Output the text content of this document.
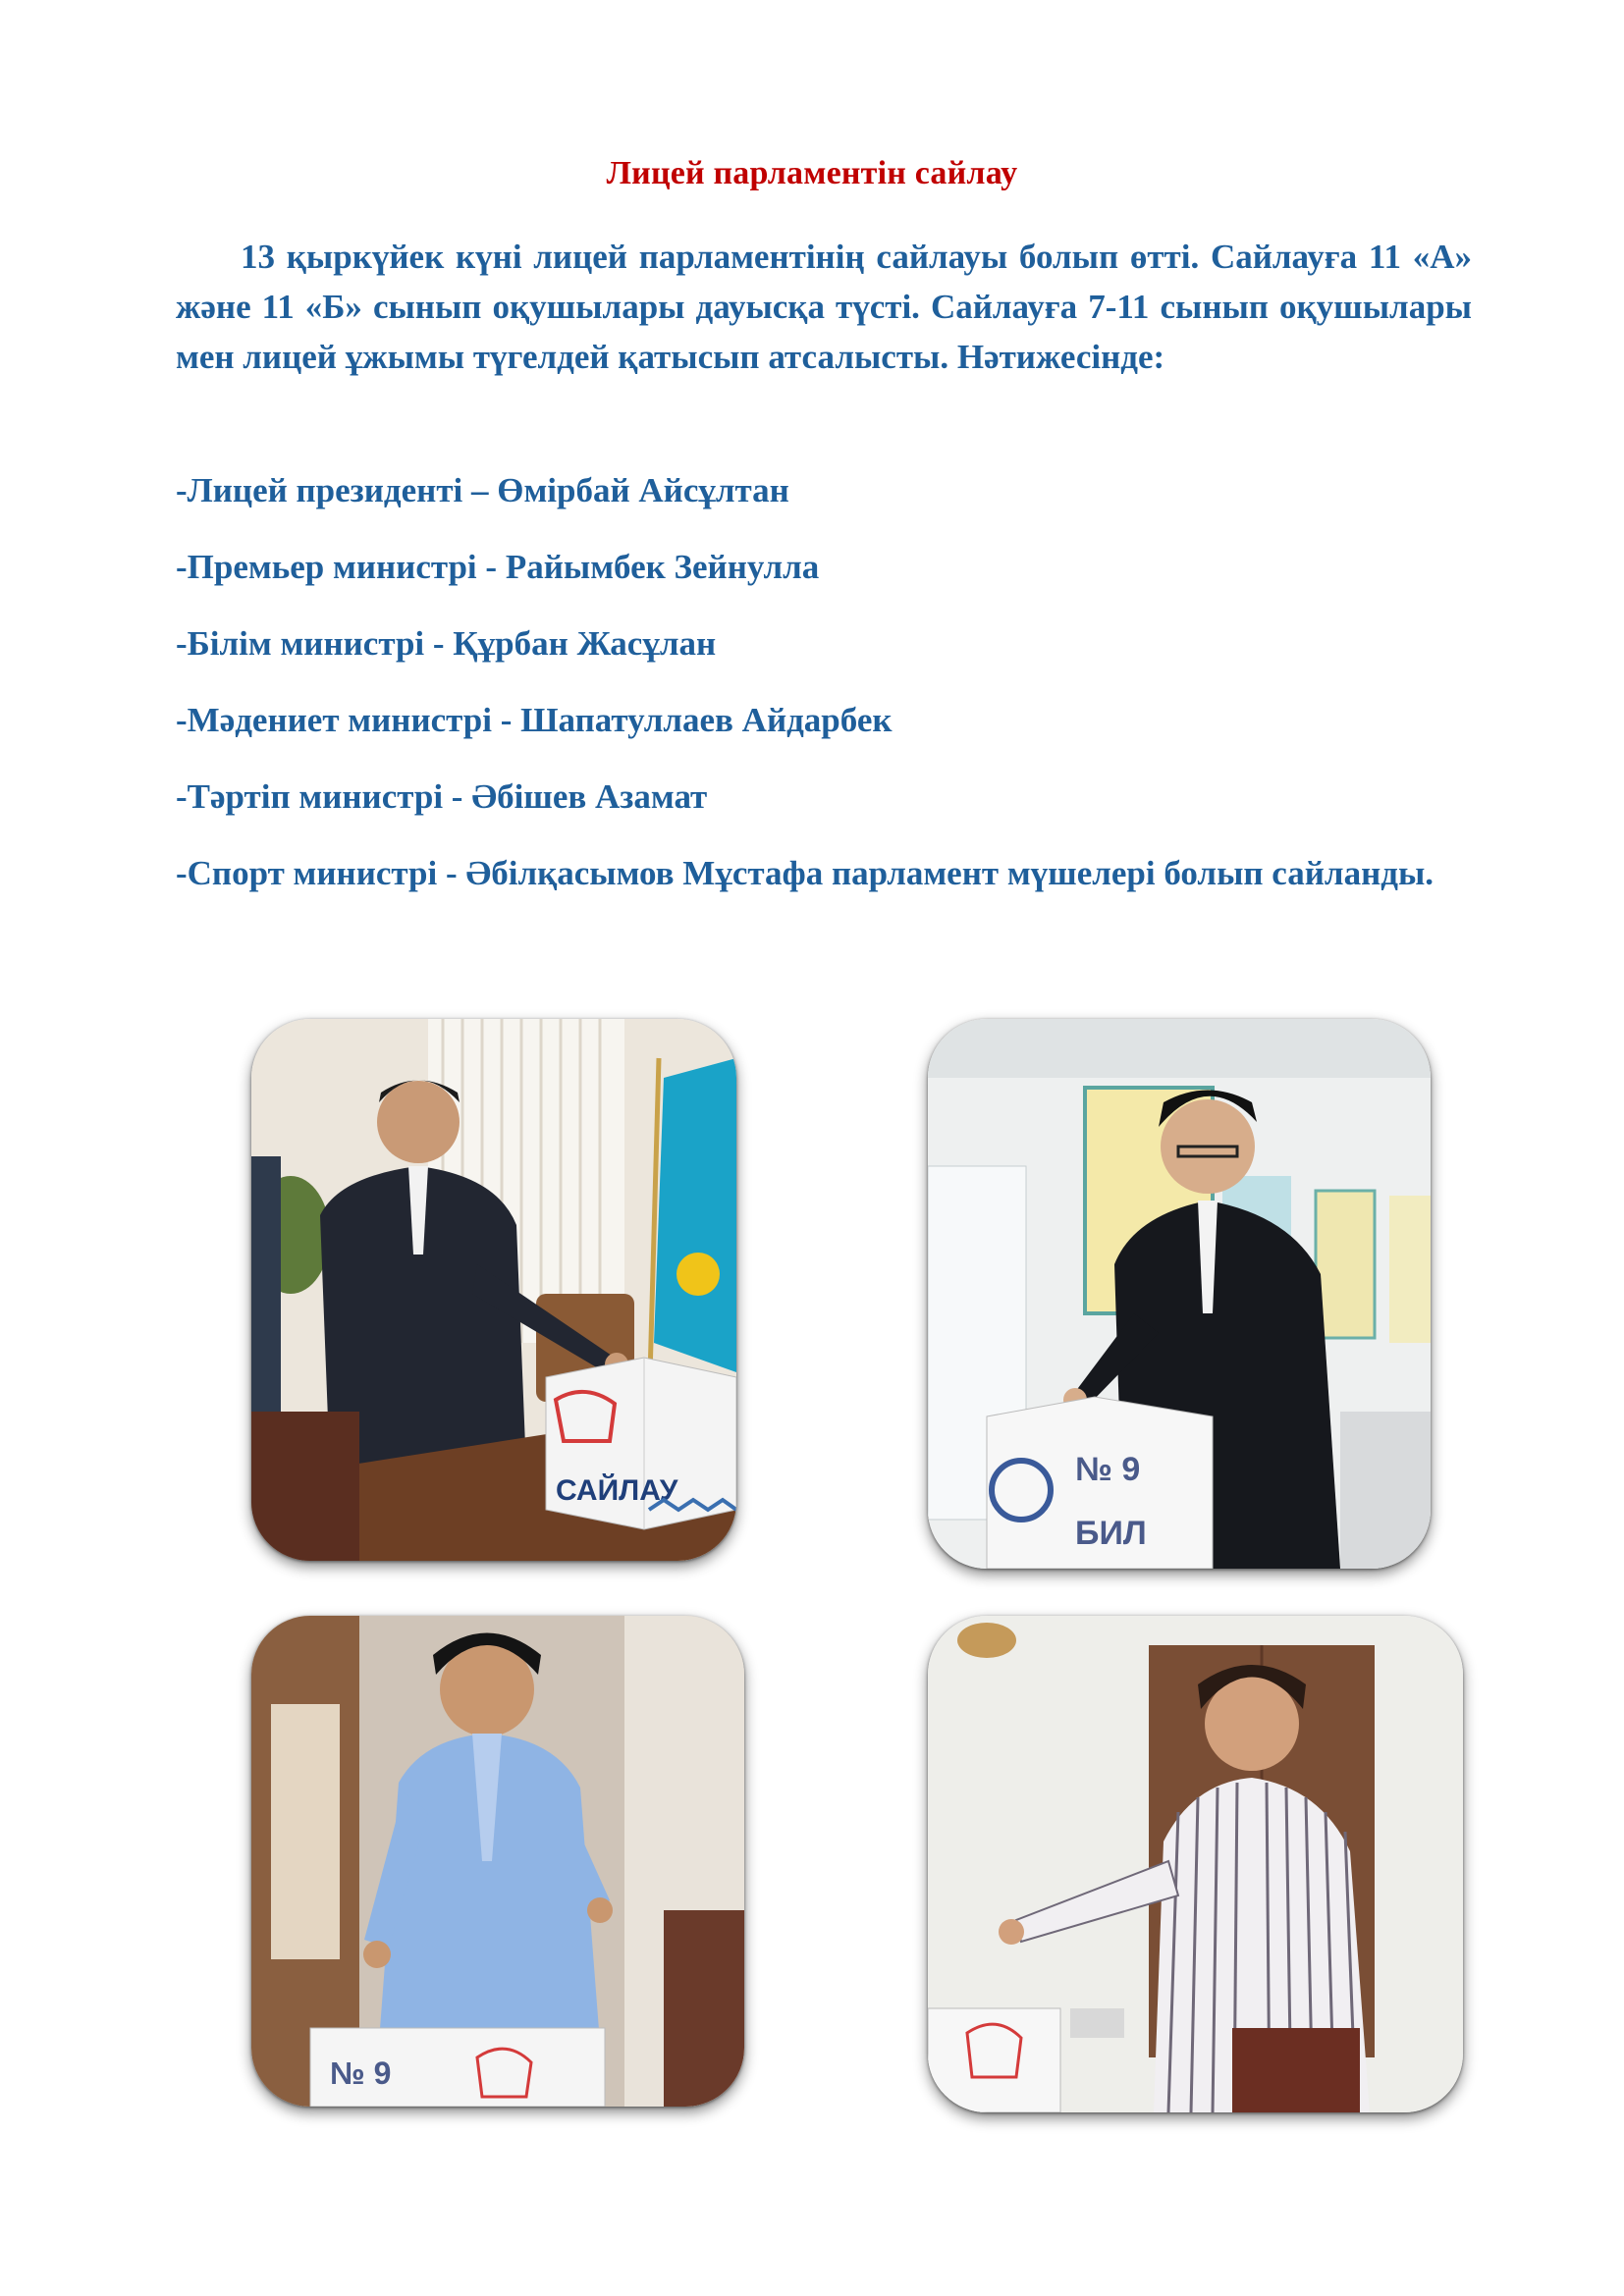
Лицей парламентін сайлау

13 қыркүйек күні лицей парламентінің сайлауы болып өтті. Сайлауға 11 «А» және 11 «Б» сынып оқушылары дауысқа түсті. Сайлауға 7-11 сынып оқушылары мен лицей ұжымы түгелдей қатысып атсалысты. Нәтижесінде:

-Лицей президенті – Өмірбай Айсұлтан
-Премьер министрі - Райымбек Зейнулла
-Білім министрі - Құрбан Жасұлан
-Мәдениет министрі - Шапатуллаев Айдарбек
-Тәртіп министрі - Әбішев Азамат
-Спорт министрі - Әбілқасымов Мұстафа парламент мүшелері болып сайланды.
САЙЛАУ
№ 9
БИЛ
№ 9
